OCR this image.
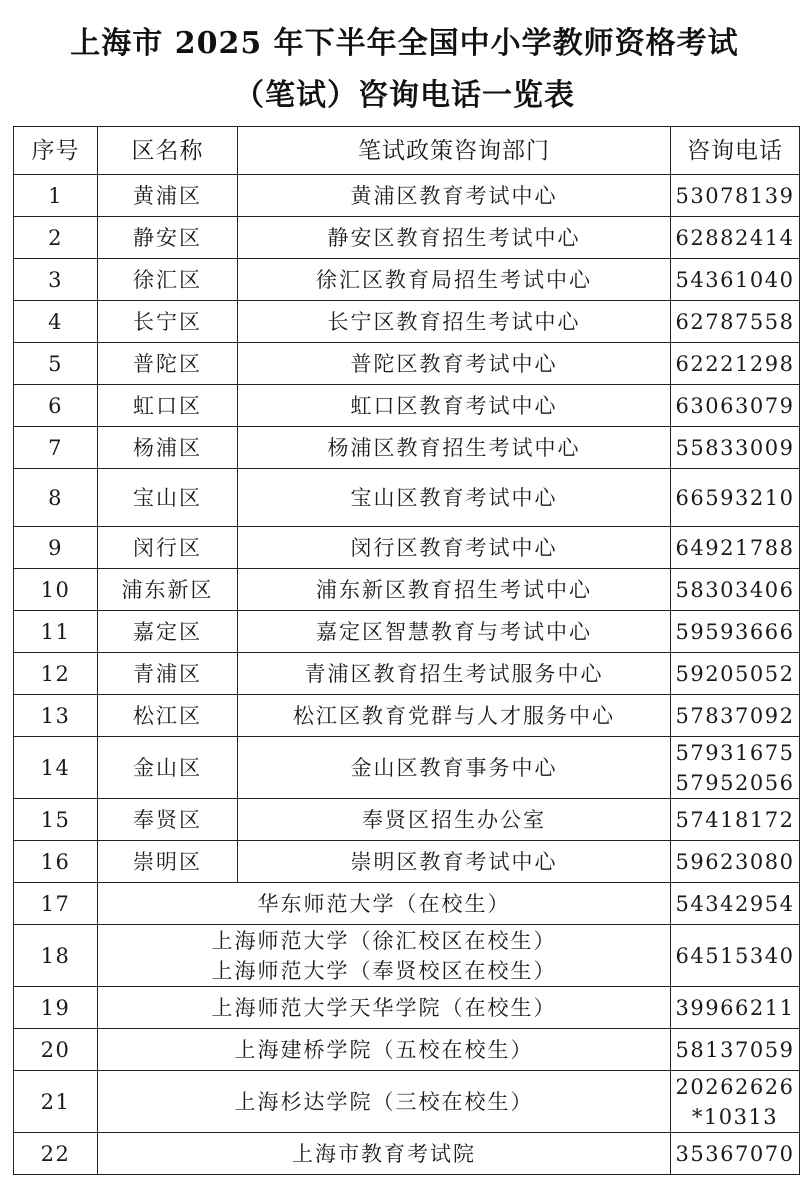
上海市 2025 年下半年全国中小学教师资格考试
（笔试）咨询电话一览表
序号	区名称	笔试政策咨询部门	咨询电话
1	黄浦区	黄浦区教育考试中心	53078139
2	静安区	静安区教育招生考试中心	62882414
3	徐汇区	徐汇区教育局招生考试中心	54361040
4	长宁区	长宁区教育招生考试中心	62787558
5	普陀区	普陀区教育考试中心	62221298
6	虹口区	虹口区教育考试中心	63063079
7	杨浦区	杨浦区教育招生考试中心	55833009
8	宝山区	宝山区教育考试中心	66593210
9	闵行区	闵行区教育考试中心	64921788
10	浦东新区	浦东新区教育招生考试中心	58303406
11	嘉定区	嘉定区智慧教育与考试中心	59593666
12	青浦区	青浦区教育招生考试服务中心	59205052
13	松江区	松江区教育党群与人才服务中心	57837092
14	金山区	金山区教育事务中心	57931675
57952056

15	奉贤区	奉贤区招生办公室	57418172
16	崇明区	崇明区教育考试中心	59623080
17	华东师范大学（在校生）		54342954
18	上海师范大学（徐汇校区在校生）
上海师范大学（奉贤校区在校生）		64515340
19	上海师范大学天华学院（在校生）		39966211
20	上海建桥学院（五校在校生）		58137059
21	上海杉达学院（三校在校生）		20262626
*10313

22	上海市教育考试院		35367070
